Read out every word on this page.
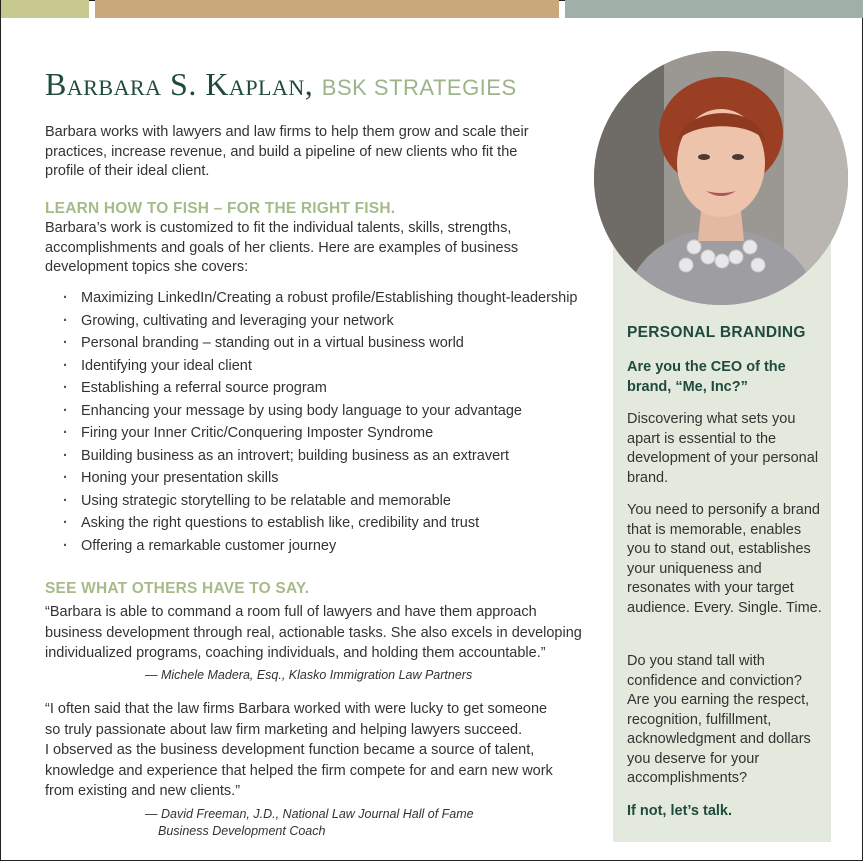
Barbara S. Kaplan, BSK STRATEGIES
Barbara works with lawyers and law firms to help them grow and scale their practices, increase revenue, and build a pipeline of new clients who fit the profile of their ideal client.
LEARN HOW TO FISH – FOR THE RIGHT FISH.
Barbara’s work is customized to fit the individual talents, skills, strengths, accomplishments and goals of her clients. Here are examples of business development topics she covers:
· Maximizing LinkedIn/Creating a robust profile/Establishing thought-leadership
· Growing, cultivating and leveraging your network
· Personal branding – standing out in a virtual business world
· Identifying your ideal client
· Establishing a referral source program
· Enhancing your message by using body language to your advantage
· Firing your Inner Critic/Conquering Imposter Syndrome
· Building business as an introvert; building business as an extravert
· Honing your presentation skills
· Using strategic storytelling to be relatable and memorable
· Asking the right questions to establish like, credibility and trust
· Offering a remarkable customer journey
SEE WHAT OTHERS HAVE TO SAY.
“Barbara is able to command a room full of lawyers and have them approach
business development through real, actionable tasks. She also excels in developing
individualized programs, coaching individuals, and holding them accountable.”
— Michele Madera, Esq., Klasko Immigration Law Partners
“I often said that the law firms Barbara worked with were lucky to get someone
so truly passionate about law firm marketing and helping lawyers succeed.
I observed as the business development function became a source of talent,
knowledge and experience that helped the firm compete for and earn new work
from existing and new clients.”
— David Freeman, J.D., National Law Journal Hall of Fame
Business Development Coach
PERSONAL BRANDING
Are you the CEO of the brand, “Me, Inc?”
Discovering what sets you apart is essential to the development of your personal brand.
You need to personify a brand that is memorable, enables you to stand out, establishes your uniqueness and resonates with your target audience. Every. Single. Time.
Do you stand tall with confidence and conviction? Are you earning the respect, recognition, fulfillment, acknowledgment and dollars you deserve for your accomplishments?
If not, let’s talk.
